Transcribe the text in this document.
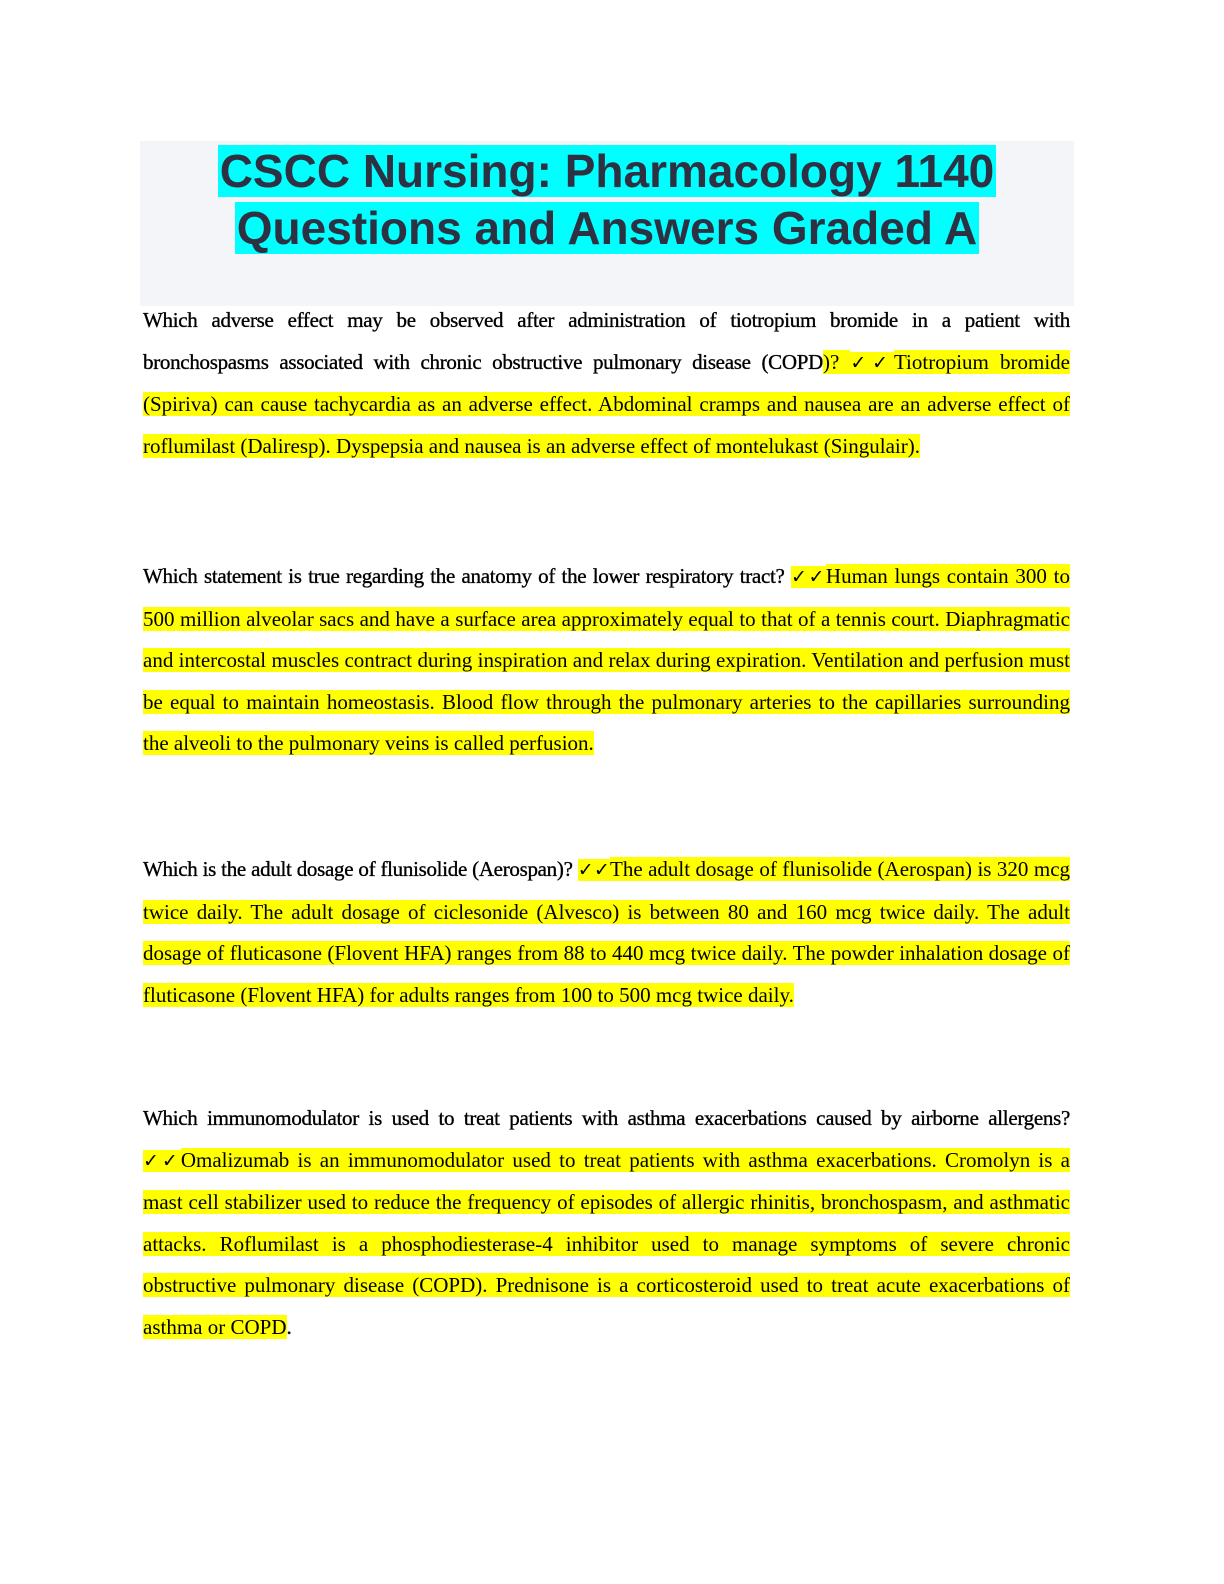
CSCC Nursing: Pharmacology 1140
Questions and Answers Graded A
Which adverse effect may be observed after administration of tiotropium bromide in a patient with bronchospasms associated with chronic obstructive pulmonary disease (COPD)? ✓✓Tiotropium bromide (Spiriva) can cause tachycardia as an adverse effect. Abdominal cramps and nausea are an adverse effect of roflumilast (Daliresp). Dyspepsia and nausea is an adverse effect of montelukast (Singulair).
Which statement is true regarding the anatomy of the lower respiratory tract? ✓✓Human lungs contain 300 to 500 million alveolar sacs and have a surface area approximately equal to that of a tennis court. Diaphragmatic and intercostal muscles contract during inspiration and relax during expiration. Ventilation and perfusion must be equal to maintain homeostasis. Blood flow through the pulmonary arteries to the capillaries surrounding the alveoli to the pulmonary veins is called perfusion.
Which is the adult dosage of flunisolide (Aerospan)? ✓✓The adult dosage of flunisolide (Aerospan) is 320 mcg twice daily. The adult dosage of ciclesonide (Alvesco) is between 80 and 160 mcg twice daily. The adult dosage of fluticasone (Flovent HFA) ranges from 88 to 440 mcg twice daily. The powder inhalation dosage of fluticasone (Flovent HFA) for adults ranges from 100 to 500 mcg twice daily.
Which immunomodulator is used to treat patients with asthma exacerbations caused by airborne allergens? ✓✓Omalizumab is an immunomodulator used to treat patients with asthma exacerbations. Cromolyn is a mast cell stabilizer used to reduce the frequency of episodes of allergic rhinitis, bronchospasm, and asthmatic attacks. Roflumilast is a phosphodiesterase-4 inhibitor used to manage symptoms of severe chronic obstructive pulmonary disease (COPD). Prednisone is a corticosteroid used to treat acute exacerbations of asthma or COPD.
